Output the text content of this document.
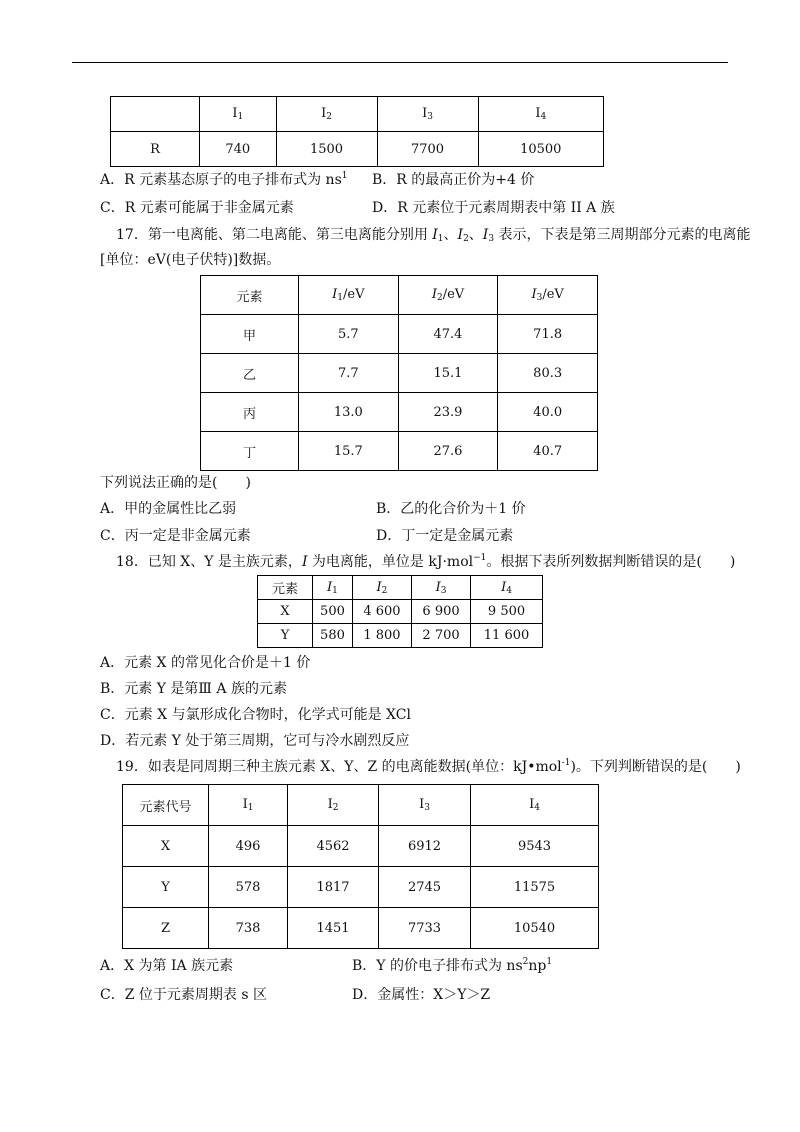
	$I_1$	$I_2$	$I_3$	$I_4$
R	740	1500	7700	10500
A．R 元素基态原子的电子排布式为 $ns^1$ B．R 的最高正价为+4 价
C．R 元素可能属于非金属元素	D．R 元素位于元素周期表中第 II A 族
17．第一电离能、第二电离能、第三电离能分别用 $I_1$、$I_2$、$I_3$ 表示，下表是第三周期部分元素的电离能
[单位：eV(电子伏特)]数据。
元素	$I_1/eV$	$I_2/eV$	$I_3/eV$
甲	5.7	47.4	71.8
乙	7.7	15.1	80.3
丙	13.0	23.9	40.0
丁	15.7	27.6	40.7
下列说法正确的是(　　)
A．甲的金属性比乙弱	B．乙的化合价为＋1 价
C．丙一定是非金属元素	D．丁一定是金属元素
18．已知 X、Y 是主族元素，I 为电离能，单位是 kJ·mol$^{-1}$。根据下表所列数据判断错误的是(　　)
元素	$I_1$	$I_2$	$I_3$	$I_4$
X	500	4 600	6 900	9 500
Y	580	1 800	2 700	11 600
A．元素 X 的常见化合价是＋1 价
B．元素 Y 是第Ⅲ A 族的元素
C．元素 X 与氯形成化合物时，化学式可能是 XCl
D．若元素 Y 处于第三周期，它可与冷水剧烈反应
19．如表是同周期三种主族元素 X、Y、Z 的电离能数据(单位：kJ•mol$^{-1}$)。下列判断错误的是(　　)
元素代号	$I_1$	$I_2$	$I_3$	$I_4$
X	496	4562	6912	9543
Y	578	1817	2745	11575
Z	738	1451	7733	10540
A．X 为第 IA 族元素	B．Y 的价电子排布式为 $ns^2np^1$
C．Z 位于元素周期表 s 区	D．金属性：X＞Y＞Z
